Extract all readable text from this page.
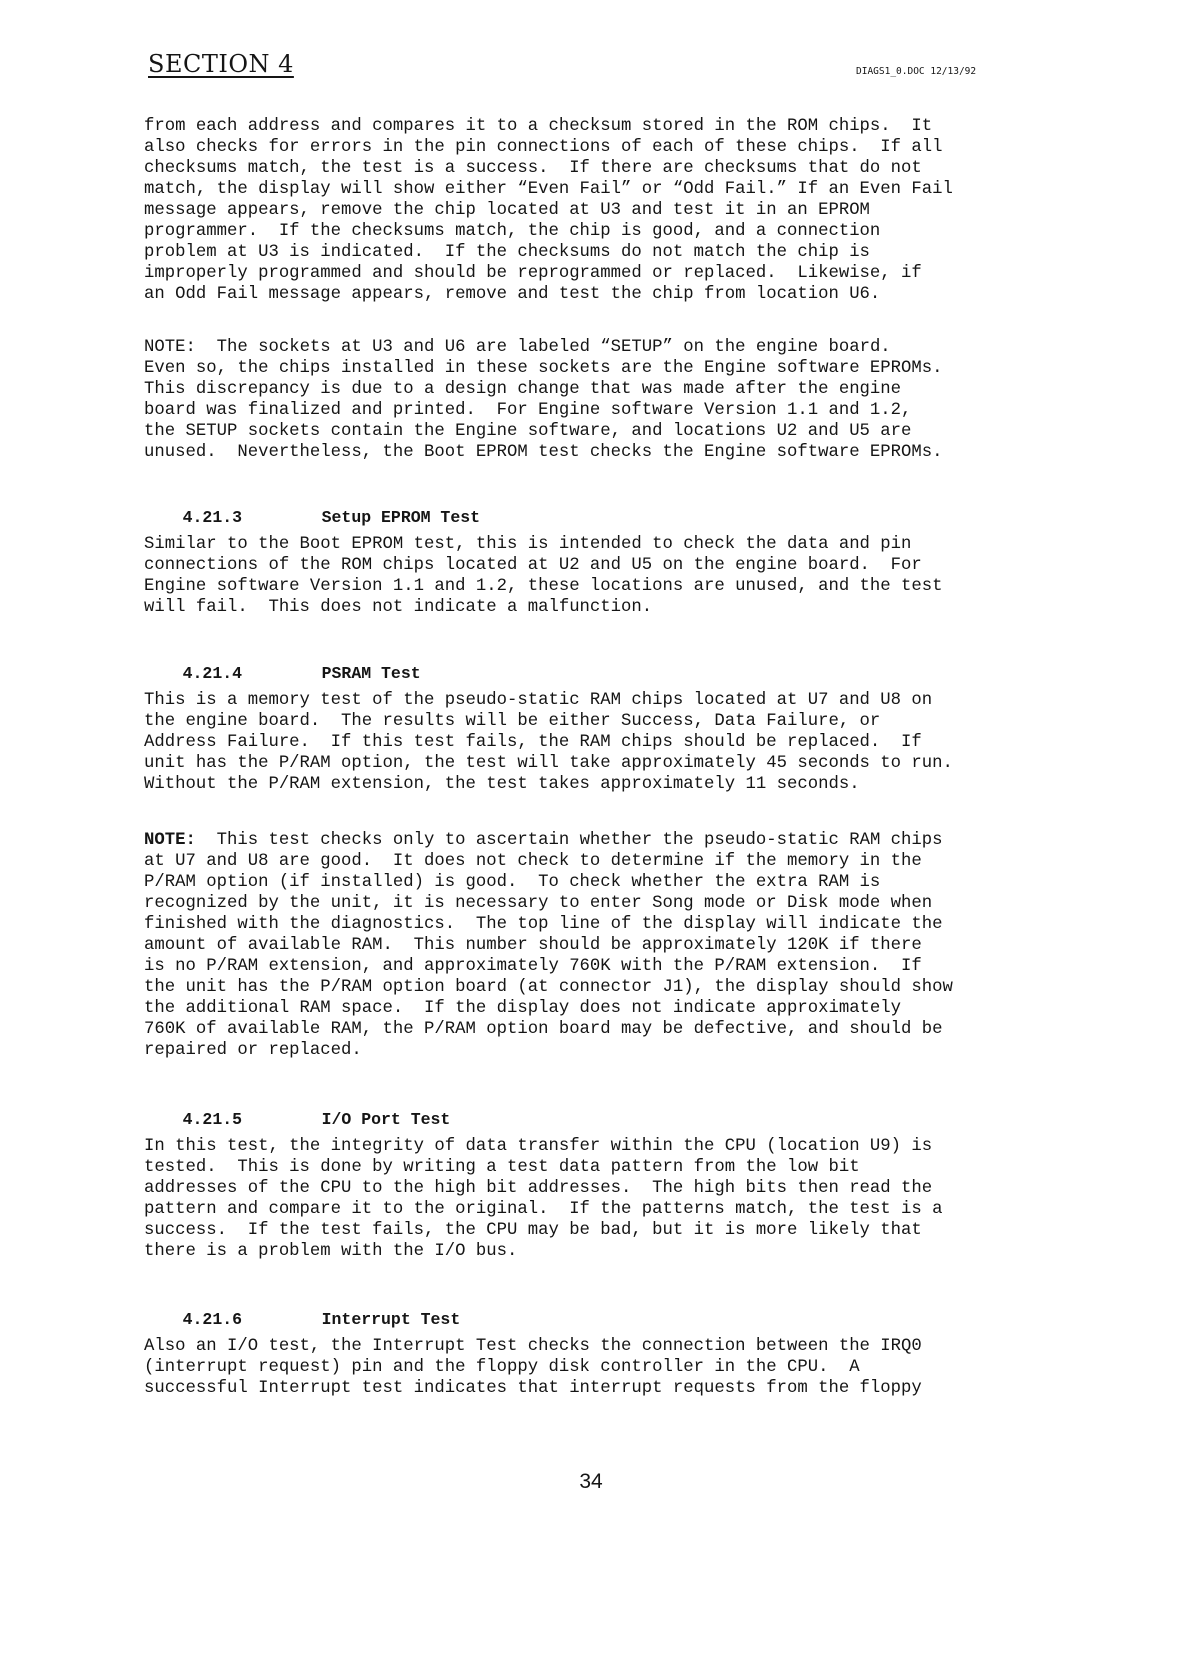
SECTION 4	DIAGS1_0.DOC 12/13/92
from each address and compares it to a checksum stored in the ROM chips.  It
also checks for errors in the pin connections of each of these chips.  If all
checksums match, the test is a success.  If there are checksums that do not
match, the display will show either “Even Fail” or “Odd Fail.” If an Even Fail
message appears, remove the chip located at U3 and test it in an EPROM
programmer.  If the checksums match, the chip is good, and a connection
problem at U3 is indicated.  If the checksums do not match the chip is
improperly programmed and should be reprogrammed or replaced.  Likewise, if
an Odd Fail message appears, remove and test the chip from location U6.
NOTE:  The sockets at U3 and U6 are labeled “SETUP” on the engine board.
Even so, the chips installed in these sockets are the Engine software EPROMs.
This discrepancy is due to a design change that was made after the engine
board was finalized and printed.  For Engine software Version 1.1 and 1.2,
the SETUP sockets contain the Engine software, and locations U2 and U5 are
unused.  Nevertheless, the Boot EPROM test checks the Engine software EPROMs.

4.21.3	Setup EPROM Test

Similar to the Boot EPROM test, this is intended to check the data and pin
connections of the ROM chips located at U2 and U5 on the engine board.  For
Engine software Version 1.1 and 1.2, these locations are unused, and the test
will fail.  This does not indicate a malfunction.

4.21.4	PSRAM Test

This is a memory test of the pseudo-static RAM chips located at U7 and U8 on
the engine board.  The results will be either Success, Data Failure, or
Address Failure.  If this test fails, the RAM chips should be replaced.  If
unit has the P/RAM option, the test will take approximately 45 seconds to run.
Without the P/RAM extension, the test takes approximately 11 seconds.
NOTE:  This test checks only to ascertain whether the pseudo-static RAM chips
at U7 and U8 are good.  It does not check to determine if the memory in the
P/RAM option (if installed) is good.  To check whether the extra RAM is
recognized by the unit, it is necessary to enter Song mode or Disk mode when
finished with the diagnostics.  The top line of the display will indicate the
amount of available RAM.  This number should be approximately 120K if there
is no P/RAM extension, and approximately 760K with the P/RAM extension.  If
the unit has the P/RAM option board (at connector J1), the display should show
the additional RAM space.  If the display does not indicate approximately
760K of available RAM, the P/RAM option board may be defective, and should be
repaired or replaced.

4.21.5	I/O Port Test

In this test, the integrity of data transfer within the CPU (location U9) is
tested.  This is done by writing a test data pattern from the low bit
addresses of the CPU to the high bit addresses.  The high bits then read the
pattern and compare it to the original.  If the patterns match, the test is a
success.  If the test fails, the CPU may be bad, but it is more likely that
there is a problem with the I/O bus.

4.21.6	Interrupt Test

Also an I/O test, the Interrupt Test checks the connection between the IRQ0
(interrupt request) pin and the floppy disk controller in the CPU.  A
successful Interrupt test indicates that interrupt requests from the floppy
34
